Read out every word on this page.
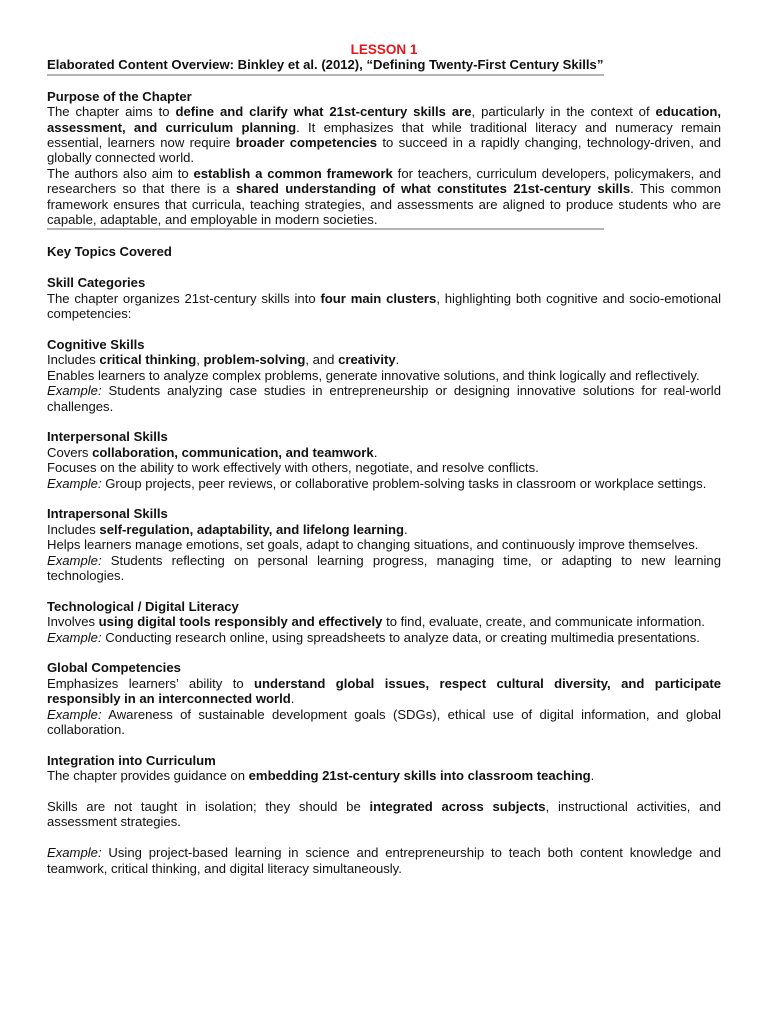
LESSON 1

Elaborated Content Overview: Binkley et al. (2012), “Defining Twenty-First Century Skills”

Purpose of the Chapter

The chapter aims to define and clarify what 21st-century skills are, particularly in the context of education, assessment, and curriculum planning. It emphasizes that while traditional literacy and numeracy remain essential, learners now require broader competencies to succeed in a rapidly changing, technology-driven, and globally connected world.

The authors also aim to establish a common framework for teachers, curriculum developers, policymakers, and researchers so that there is a shared understanding of what constitutes 21st-century skills. This common framework ensures that curricula, teaching strategies, and assessments are aligned to produce students who are capable, adaptable, and employable in modern societies.

Key Topics Covered

Skill Categories

The chapter organizes 21st-century skills into four main clusters, highlighting both cognitive and socio-emotional competencies:

Cognitive Skills

Includes critical thinking, problem-solving, and creativity.

Enables learners to analyze complex problems, generate innovative solutions, and think logically and reflectively.

Example: Students analyzing case studies in entrepreneurship or designing innovative solutions for real-world challenges.

Interpersonal Skills

Covers collaboration, communication, and teamwork.

Focuses on the ability to work effectively with others, negotiate, and resolve conflicts.

Example: Group projects, peer reviews, or collaborative problem-solving tasks in classroom or workplace settings.

Intrapersonal Skills

Includes self-regulation, adaptability, and lifelong learning.

Helps learners manage emotions, set goals, adapt to changing situations, and continuously improve themselves.

Example: Students reflecting on personal learning progress, managing time, or adapting to new learning technologies.

Technological / Digital Literacy

Involves using digital tools responsibly and effectively to find, evaluate, create, and communicate information.

Example: Conducting research online, using spreadsheets to analyze data, or creating multimedia presentations.

Global Competencies

Emphasizes learners’ ability to understand global issues, respect cultural diversity, and participate responsibly in an interconnected world.

Example: Awareness of sustainable development goals (SDGs), ethical use of digital information, and global collaboration.

Integration into Curriculum

The chapter provides guidance on embedding 21st-century skills into classroom teaching.

Skills are not taught in isolation; they should be integrated across subjects, instructional activities, and assessment strategies.

Example: Using project-based learning in science and entrepreneurship to teach both content knowledge and teamwork, critical thinking, and digital literacy simultaneously.
